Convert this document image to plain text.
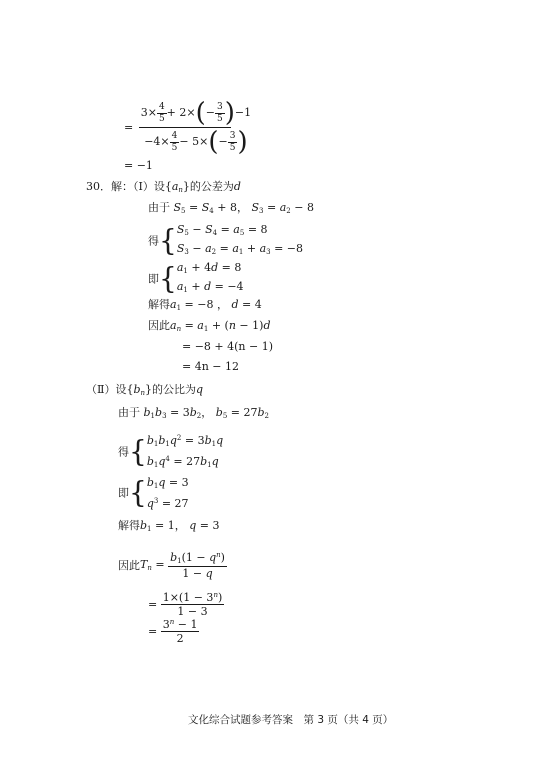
= $\frac{3\times \frac{4}{5} + 2\times(- \frac{3}{5} )-1}{-4\times \frac{4}{5} - 5\times(- \frac{3}{5} )}$
= −1
30．解：（Ⅰ）设$\{a_n\}$的公差为d
由于 $S_5 = S_4 + 8$， $S_3 = a_2 - 8$
得{ $S_5 - S_4 = a_5 = 8$
$S_3 - a_2 = a_1 + a_3 = -8$
即{ $a_1 + 4d = 8$
$a_1 + d = -4$
解得$a_1 = -8$ ， d = 4
因此$a_n = a_1 + (n - 1)d$
= −8 + 4(n − 1)
= 4n − 12
（Ⅱ）设$\{b_n\}$的公比为q
由于 $b_1b_3 = 3b_2$， $b_5 = 27b_2$
得{ $b_1b_1q^2 = 3b_1q$
$b_1q^4 = 27b_1q$
即{ $b_1q = 3$
$q^3 = 27$
解得$b_1 = 1$， q = 3
因此$T_n = \frac{b_1(1 - q^n)}{1 - q}$
= $\frac{1\times(1 - 3^n)}{1 - 3}$
= $\frac{3^n - 1}{2}$
文化综合试题参考答案　第 3 页（共 4 页）
